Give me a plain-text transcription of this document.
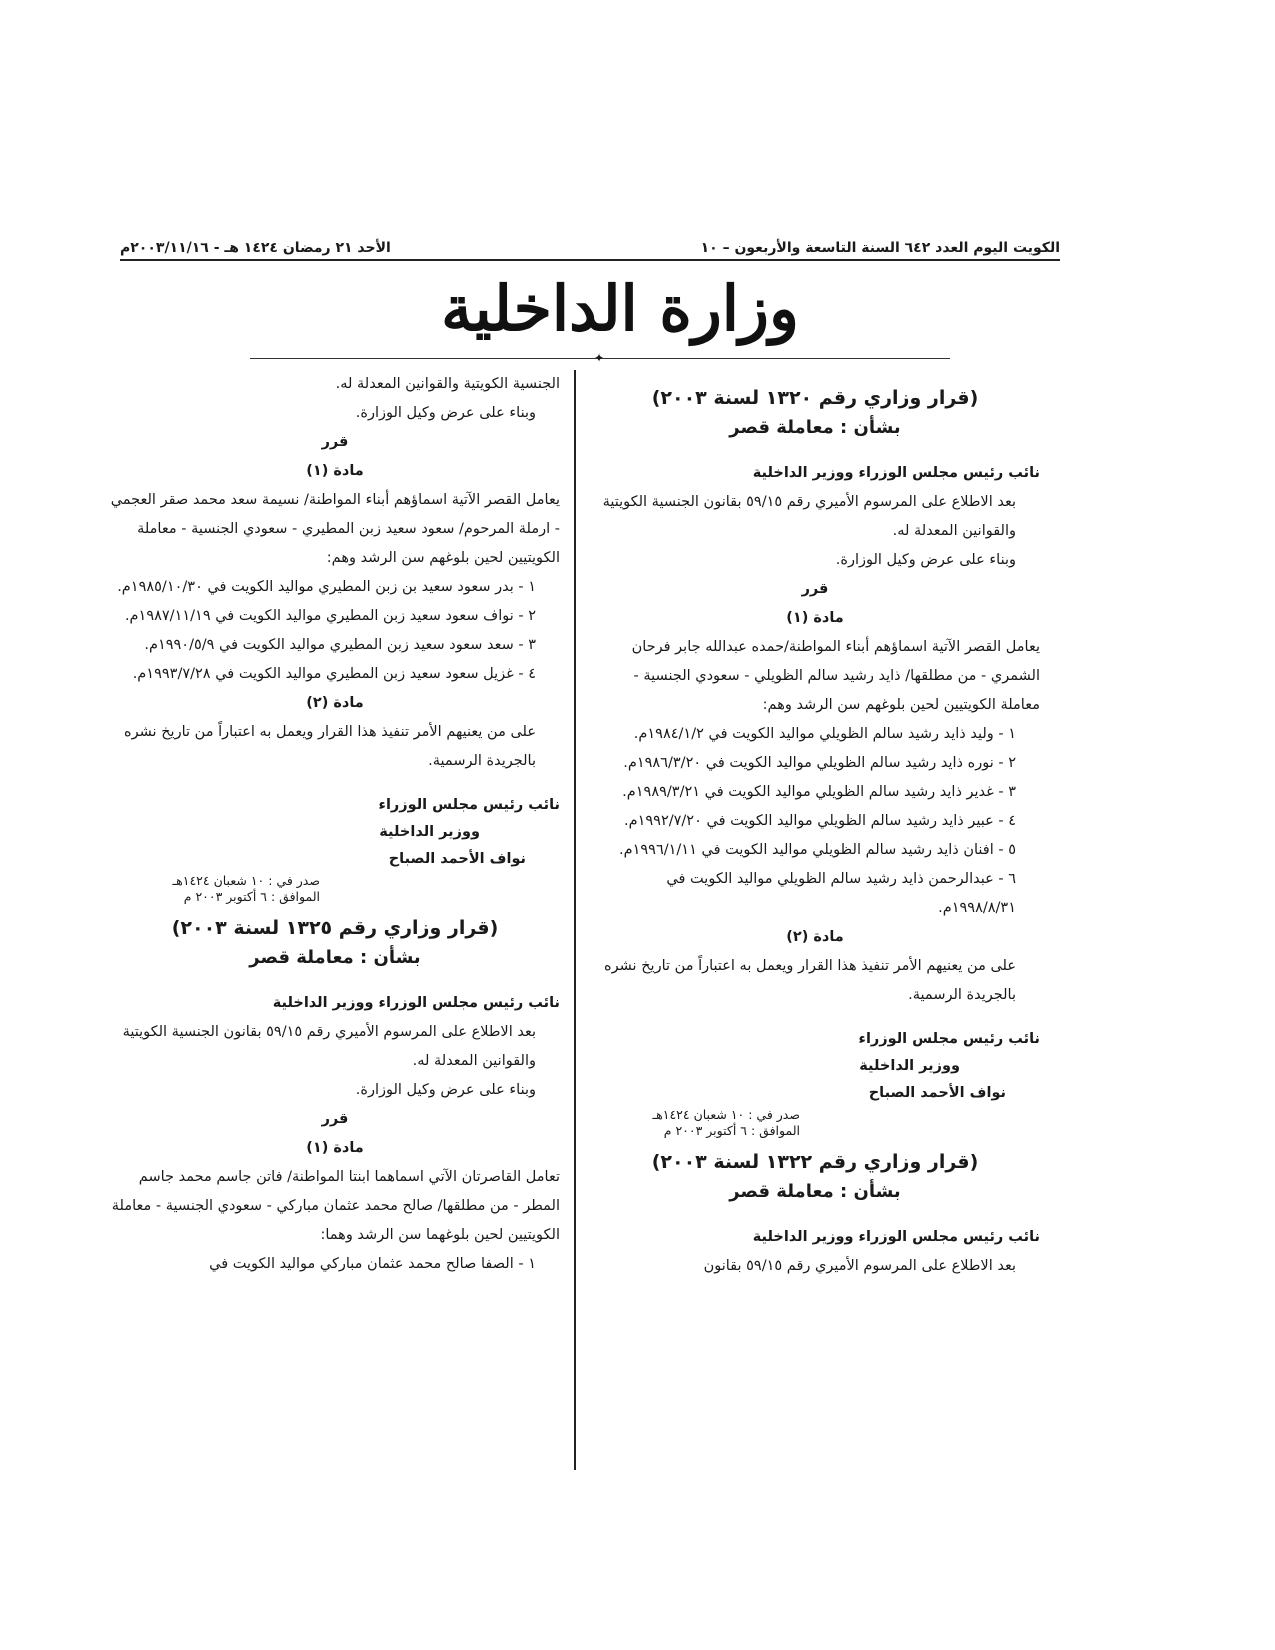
الكويت اليوم العدد ٦٤٢ السنة التاسعة والأربعون – ١٠
الأحد ٢١ رمضان ١٤٢٤ هـ - ٢٠٠٣/١١/١٦م
وزارة الداخلية
✦

(قرار وزاري رقم ١٣٢٠ لسنة ٢٠٠٣)

بشأن : معاملة قصر

نائب رئيس مجلس الوزراء ووزير الداخلية

بعد الاطلاع على المرسوم الأميري رقم ٥٩/١٥ بقانون الجنسية الكويتية والقوانين المعدلة له.

وبناء على عرض وكيل الوزارة.

قرر

مادة (١)

يعامل القصر الآتية اسماؤهم أبناء المواطنة/حمده عبدالله جابر فرحان الشمري - من مطلقها/ ذايد رشيد سالم الظويلي - سعودي الجنسية - معاملة الكويتيين لحين بلوغهم سن الرشد وهم:

١ - وليد ذايد رشيد سالم الظويلي مواليد الكويت في ١٩٨٤/١/٢م.

٢ - نوره ذايد رشيد سالم الظويلي مواليد الكويت في ١٩٨٦/٣/٢٠م.

٣ - غدير ذايد رشيد سالم الظويلي مواليد الكويت في ١٩٨٩/٣/٢١م.

٤ - عبير ذايد رشيد سالم الظويلي مواليد الكويت في ١٩٩٢/٧/٢٠م.

٥ - افنان ذايد رشيد سالم الظويلي مواليد الكويت في ١٩٩٦/١/١١م.

٦ - عبدالرحمن ذايد رشيد سالم الظويلي مواليد الكويت في ١٩٩٨/٨/٣١م.

مادة (٢)

على من يعنيهم الأمر تنفيذ هذا القرار ويعمل به اعتباراً من تاريخ نشره بالجريدة الرسمية.

نائب رئيس مجلس الوزراء

ووزير الداخلية

نواف الأحمد الصباح

صدر في : ١٠ شعبان ١٤٢٤هـ

الموافق : ٦ أكتوبر ٢٠٠٣ م

(قرار وزاري رقم ١٣٢٢ لسنة ٢٠٠٣)

بشأن : معاملة قصر

نائب رئيس مجلس الوزراء ووزير الداخلية

بعد الاطلاع على المرسوم الأميري رقم ٥٩/١٥ بقانون

الجنسية الكويتية والقوانين المعدلة له.

وبناء على عرض وكيل الوزارة.

قرر

مادة (١)

يعامل القصر الآتية اسماؤهم أبناء المواطنة/ نسيمة سعد محمد صقر العجمي - ارملة المرحوم/ سعود سعيد زبن المطيري - سعودي الجنسية - معاملة الكويتيين لحين بلوغهم سن الرشد وهم:

١ - بدر سعود سعيد بن زبن المطيري مواليد الكويت في ١٩٨٥/١٠/٣٠م.

٢ - نواف سعود سعيد زبن المطيري مواليد الكويت في ١٩٨٧/١١/١٩م.

٣ - سعد سعود سعيد زبن المطيري مواليد الكويت في ١٩٩٠/٥/٩م.

٤ - غزيل سعود سعيد زبن المطيري مواليد الكويت في ١٩٩٣/٧/٢٨م.

مادة (٢)

على من يعنيهم الأمر تنفيذ هذا القرار ويعمل به اعتباراً من تاريخ نشره بالجريدة الرسمية.

نائب رئيس مجلس الوزراء

ووزير الداخلية

نواف الأحمد الصباح

صدر في : ١٠ شعبان ١٤٢٤هـ

الموافق : ٦ أكتوبر ٢٠٠٣ م

(قرار وزاري رقم ١٣٢٥ لسنة ٢٠٠٣)

بشأن : معاملة قصر

نائب رئيس مجلس الوزراء ووزير الداخلية

بعد الاطلاع على المرسوم الأميري رقم ٥٩/١٥ بقانون الجنسية الكويتية والقوانين المعدلة له.

وبناء على عرض وكيل الوزارة.

قرر

مادة (١)

تعامل القاصرتان الآتي اسماهما ابنتا المواطنة/ فاتن جاسم محمد جاسم المطر - من مطلقها/ صالح محمد عثمان مباركي - سعودي الجنسية - معاملة الكويتيين لحين بلوغهما سن الرشد وهما:

١ - الصفا صالح محمد عثمان مباركي مواليد الكويت في
